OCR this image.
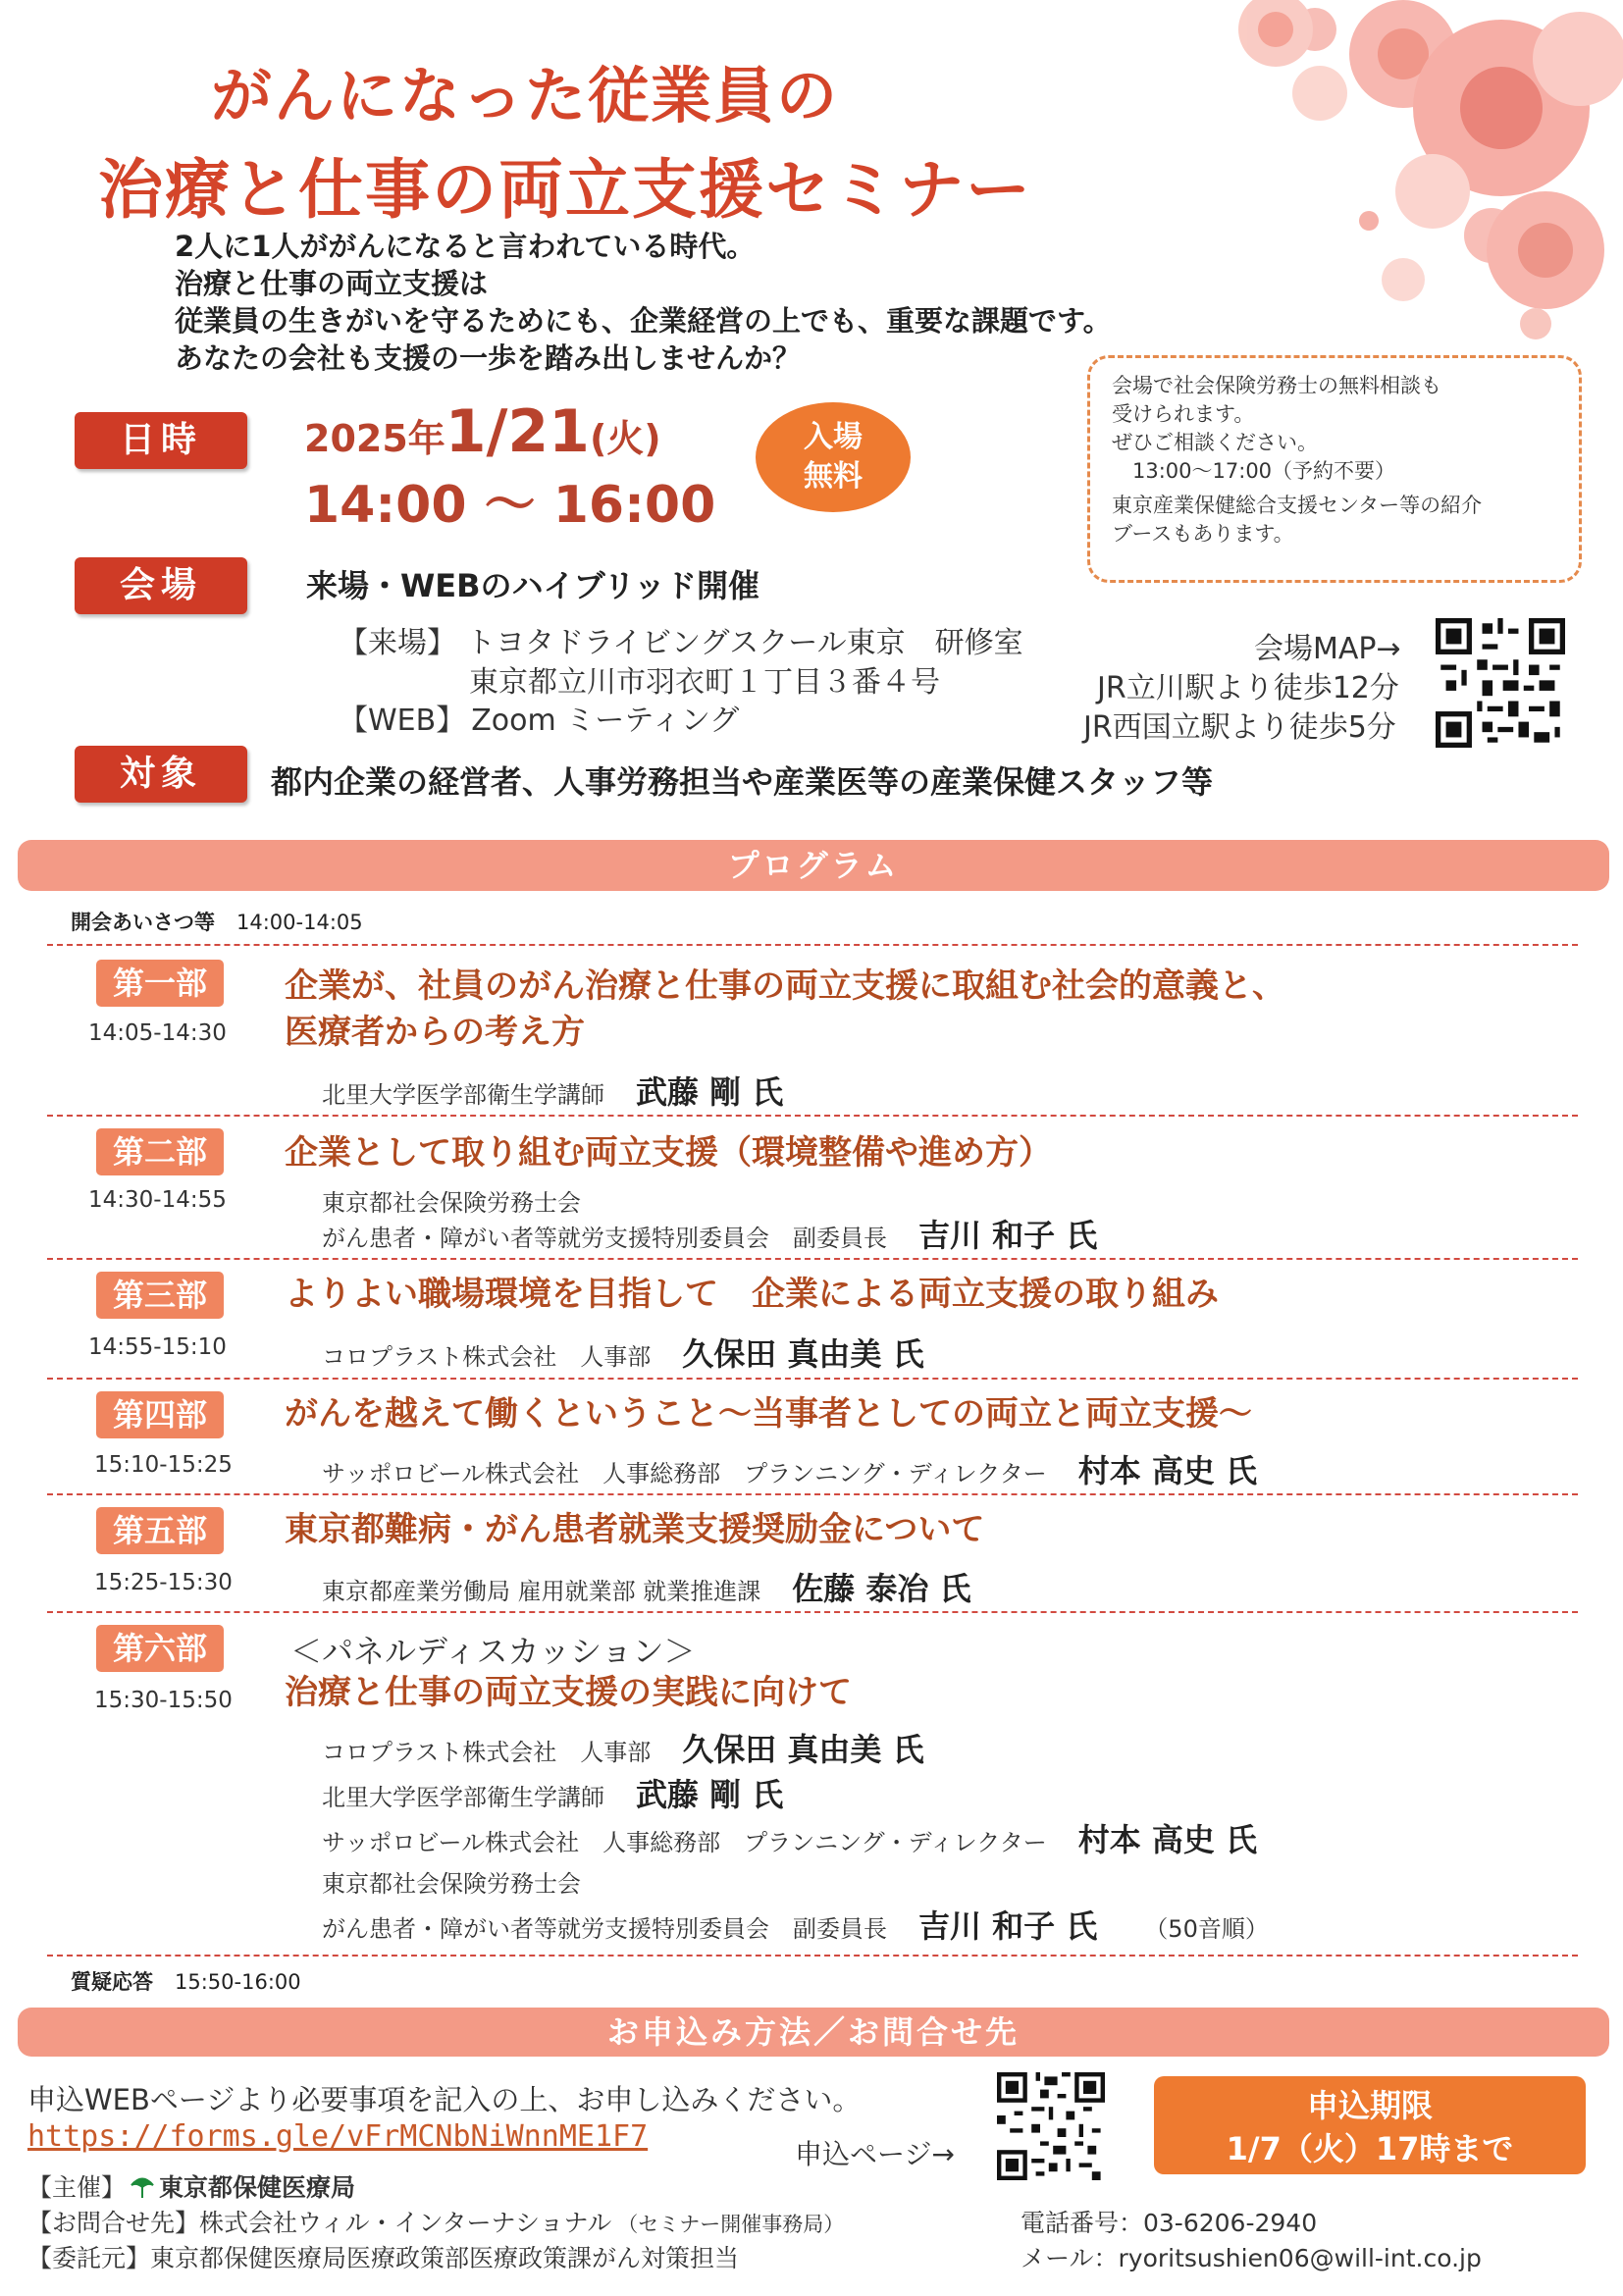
がんになった従業員の
治療と仕事の両立支援セミナー
2人に1人ががんになると言われている時代。
治療と仕事の両立支援は
従業員の生きがいを守るためにも、企業経営の上でも、重要な課題です。
あなたの会社も支援の一歩を踏み出しませんか？
日時	2025年1/21(火)
14:00 ～ 16:00
入場
無料
会場で社会保険労務士の無料相談も
受けられます。
ぜひご相談ください。
　13:00～17:00（予約不要）
東京産業保健総合支援センター等の紹介
ブースもあります。
会場	来場・WEBのハイブリッド開催
【来場】 トヨタドライビングスクール東京　研修室
東京都立川市羽衣町１丁目３番４号
【WEB】 Zoom ミーティング
会場MAP→
JR立川駅より徒歩12分
JR西国立駅より徒歩5分
対象	都内企業の経営者、人事労務担当や産業医等の産業保健スタッフ等
プログラム
開会あいさつ等 14:00-14:05
第一部
14:05-14:30
企業が、社員のがん治療と仕事の両立支援に取組む社会的意義と、
医療者からの考え方
北里大学医学部衛生学講師 武藤 剛 氏
第二部
14:30-14:55
企業として取り組む両立支援（環境整備や進め方）
東京都社会保険労務士会
がん患者・障がい者等就労支援特別委員会　副委員長 吉川 和子 氏
第三部
14:55-15:10
よりよい職場環境を目指して　企業による両立支援の取り組み
コロプラスト株式会社　人事部 久保田 真由美 氏
第四部
15:10-15:25
がんを越えて働くということ～当事者としての両立と両立支援～
サッポロビール株式会社　人事総務部　プランニング・ディレクター 村本 高史 氏
第五部
15:25-15:30
東京都難病・がん患者就業支援奨励金について
東京都産業労働局 雇用就業部 就業推進課 佐藤 泰冶 氏
第六部
15:30-15:50
＜パネルディスカッション＞
治療と仕事の両立支援の実践に向けて
コロプラスト株式会社　人事部 久保田 真由美 氏
北里大学医学部衛生学講師 武藤 剛 氏
サッポロビール株式会社　人事総務部　プランニング・ディレクター 村本 高史 氏
東京都社会保険労務士会
がん患者・障がい者等就労支援特別委員会　副委員長 吉川 和子 氏 （50音順）
質疑応答 15:50-16:00
お申込み方法／お問合せ先
申込WEBページより必要事項を記入の上、お申し込みください。
https://forms.gle/vFrMCNbNiWnnME1F7
申込ページ→
申込期限
1/7（火）17時まで
【主催】 東京都保健医療局
【お問合せ先】株式会社ウィル・インターナショナル （セミナー開催事務局）	電話番号：03-6206-2940
【委託元】東京都保健医療局医療政策部医療政策課がん対策担当	メール：ryoritsushien06@will-int.co.jp
